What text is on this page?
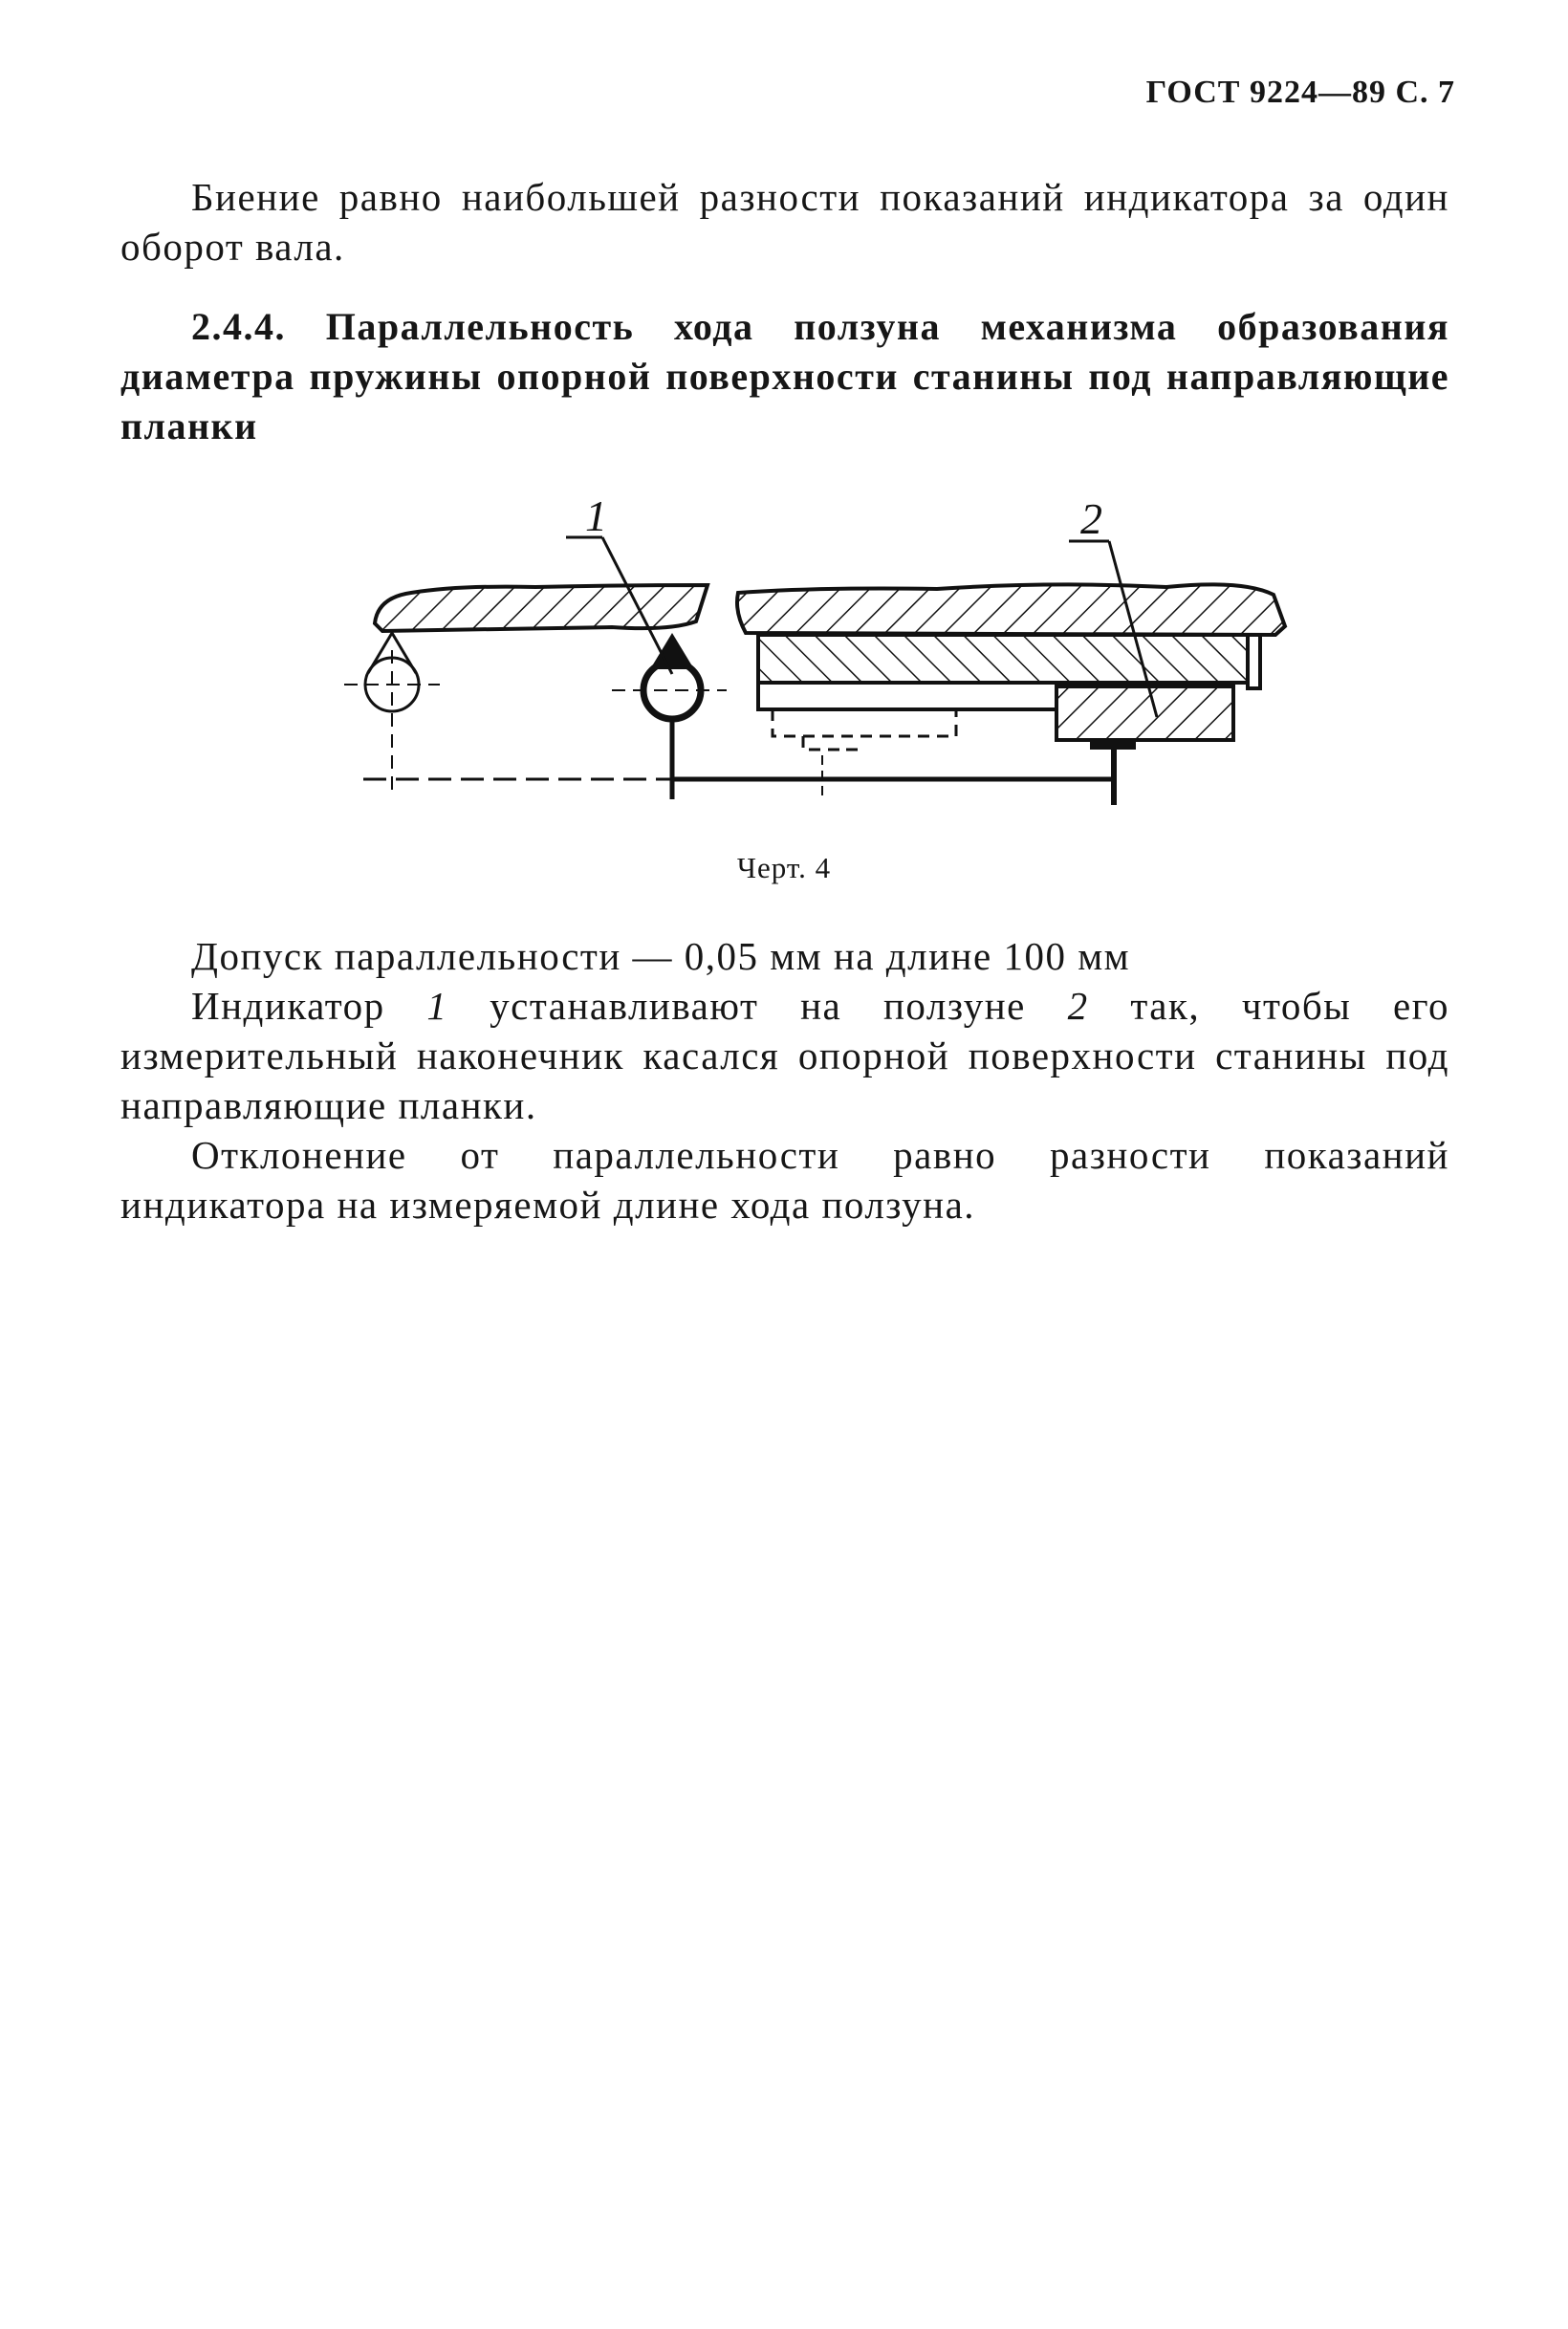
ГОСТ 9224—89 С. 7
Биение равно наибольшей разности показаний индикатора за один оборот вала.
2.4.4. Параллельность хода ползуна механизма образования диаметра пружины опорной поверхности станины под направляющие планки
1	2
Черт. 4
Допуск параллельности — 0,05 мм на длине 100 мм
Индикатор 1 устанавливают на ползуне 2 так, чтобы его измерительный наконечник касался опорной поверхности станины под направляющие планки.
Отклонение от параллельности равно разности показаний индикатора на измеряемой длине хода ползуна.
